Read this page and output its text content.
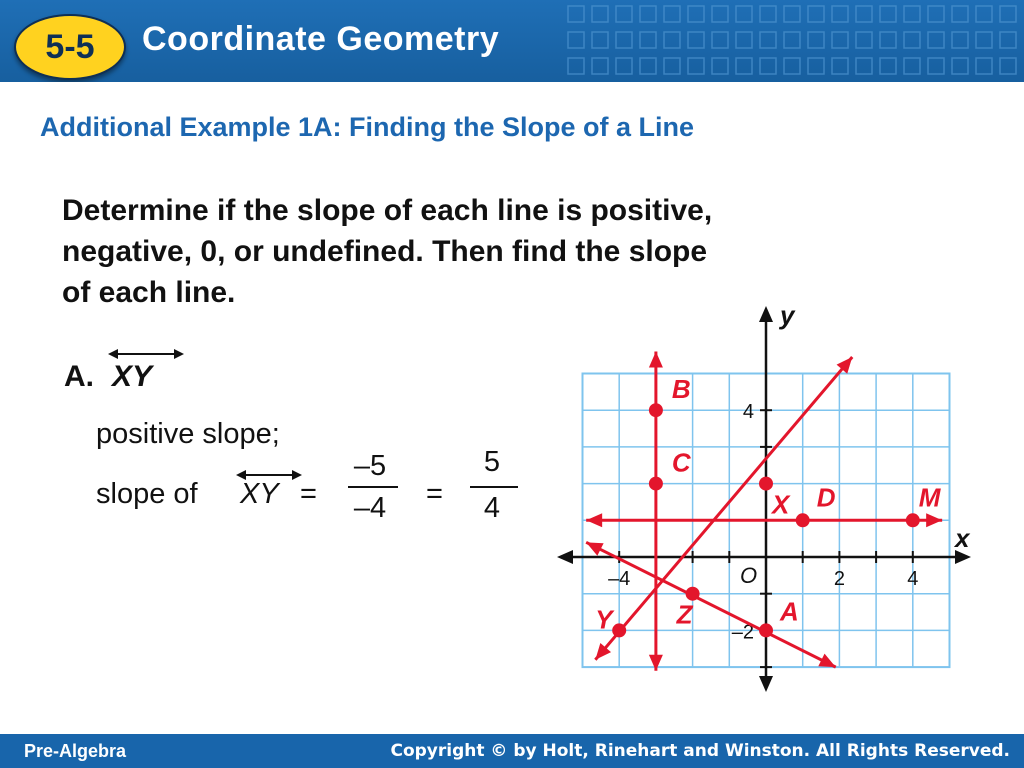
5-5	Coordinate Geometry
Additional Example 1A: Finding the Slope of a Line
Determine if the slope of each line is positive,
negative, 0, or undefined. Then find the slope
of each line.
A. XY
positive slope;
slope of XY =
–5
–4	=
5
4
–4	2	4
4
–2
O
x
y
B
C
X D	M
Y Z	A
Pre-Algebra	Copyright © by Holt, Rinehart and Winston. All Rights Reserved.
